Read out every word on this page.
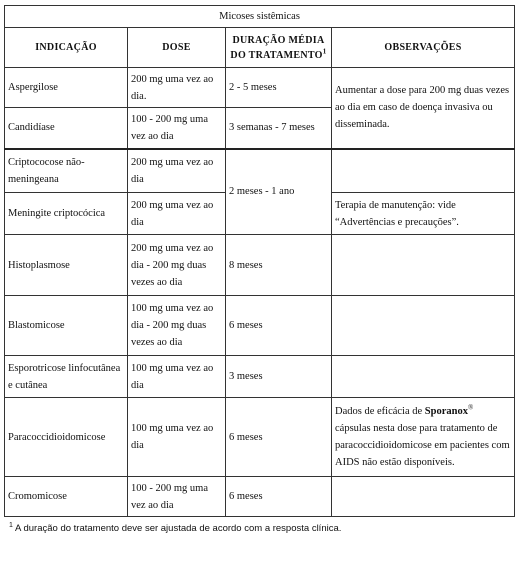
Micoses sistêmicas			
INDICAÇÃO	DOSE	DURAÇÃO MÉDIA DO TRATAMENTO$^1$	OBSERVAÇÕES
Aspergilose	200 mg uma vez ao dia.	2 - 5 meses	Aumentar a dose para 200 mg duas vezes ao dia em caso de doença invasiva ou disseminada.
Candidíase	100 - 200 mg uma vez ao dia	3 semanas - 7 meses	
Criptococose não-meningeana	200 mg uma vez ao dia	2 meses - 1 ano	
Meningite criptocócica	200 mg uma vez ao dia		Terapia de manutenção: vide “Advertências e precauções”.
Histoplasmose	200 mg uma vez ao dia - 200 mg duas vezes ao dia	8 meses	
Blastomicose	100 mg uma vez ao dia - 200 mg duas vezes ao dia	6 meses	
Esporotricose linfocutânea e cutânea	100 mg uma vez ao dia	3 meses	
Paracoccidioidomicose	100 mg uma vez ao dia	6 meses	Dados de eficácia de Sporanox® cápsulas nesta dose para tratamento de paracoccidioidomicose em pacientes com AIDS não estão disponíveis.
Cromomicose	100 - 200 mg uma vez ao dia	6 meses	
$^1$ A duração do tratamento deve ser ajustada de acordo com a resposta clínica.
